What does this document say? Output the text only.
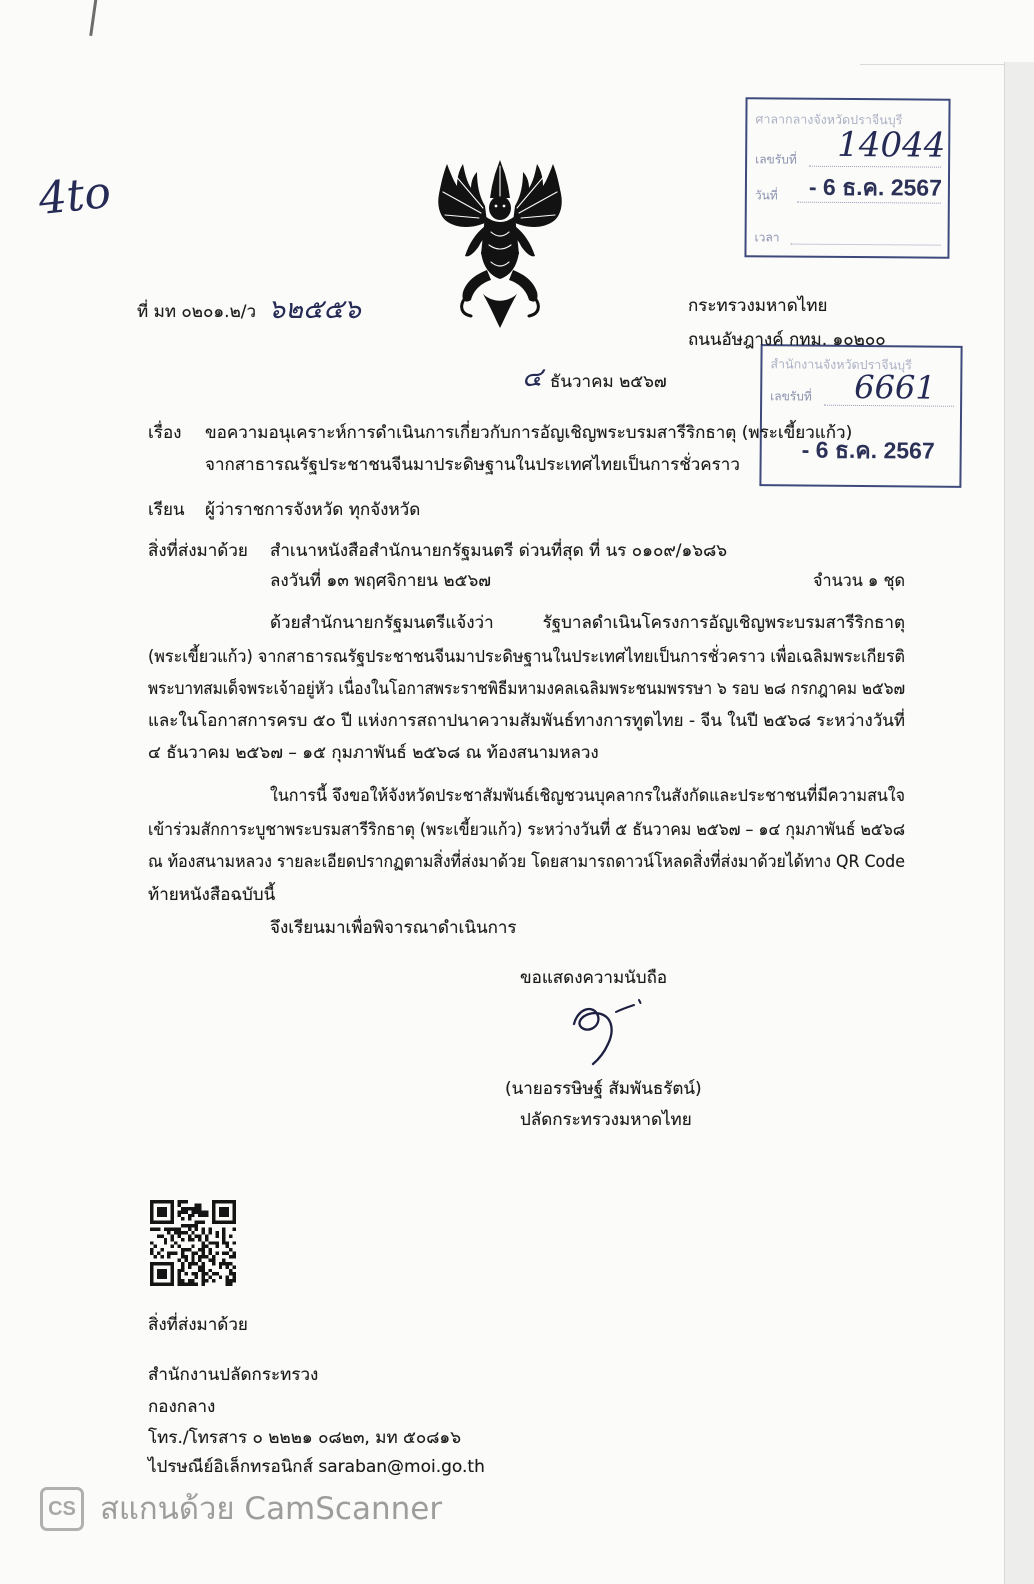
4to
ศาลากลางจังหวัดปราจีนบุรี
เลขรับที่ 14044
วันที่ - 6 ธ.ค. 2567
เวลา
สำนักงานจังหวัดปราจีนบุรี
เลขรับที่ 6661
- 6 ธ.ค. 2567
ที่ มท ๐๒๐๑.๒/ว ๖๒๕๕๖	กระทรวงมหาดไทย
ถนนอัษฎางค์ กทม. ๑๐๒๐๐
๔ ธันวาคม ๒๕๖๗
เรื่อง	ขอความอนุเคราะห์การดำเนินการเกี่ยวกับการอัญเชิญพระบรมสารีริกธาตุ (พระเขี้ยวแก้ว)
จากสาธารณรัฐประชาชนจีนมาประดิษฐานในประเทศไทยเป็นการชั่วคราว
เรียน	ผู้ว่าราชการจังหวัด ทุกจังหวัด
สิ่งที่ส่งมาด้วย	สำเนาหนังสือสำนักนายกรัฐมนตรี ด่วนที่สุด ที่ นร ๐๑๐๙/๑๖๘๖
ลงวันที่ ๑๓ พฤศจิกายน ๒๕๖๗	จำนวน ๑ ชุด
ด้วยสำนักนายกรัฐมนตรีแจ้งว่า รัฐบาลดำเนินโครงการอัญเชิญพระบรมสารีริกธาตุ
(พระเขี้ยวแก้ว) จากสาธารณรัฐประชาชนจีนมาประดิษฐานในประเทศไทยเป็นการชั่วคราว เพื่อเฉลิมพระเกียรติ
พระบาทสมเด็จพระเจ้าอยู่หัว เนื่องในโอกาสพระราชพิธีมหามงคลเฉลิมพระชนมพรรษา ๖ รอบ ๒๘ กรกฎาคม ๒๕๖๗
และในโอกาสการครบ ๕๐ ปี แห่งการสถาปนาความสัมพันธ์ทางการทูตไทย - จีน ในปี ๒๕๖๘ ระหว่างวันที่
๔ ธันวาคม ๒๕๖๗ – ๑๕ กุมภาพันธ์ ๒๕๖๘ ณ ท้องสนามหลวง
ในการนี้ จึงขอให้จังหวัดประชาสัมพันธ์เชิญชวนบุคลากรในสังกัดและประชาชนที่มีความสนใจ
เข้าร่วมสักการะบูชาพระบรมสารีริกธาตุ (พระเขี้ยวแก้ว) ระหว่างวันที่ ๕ ธันวาคม ๒๕๖๗ – ๑๔ กุมภาพันธ์ ๒๕๖๘
ณ ท้องสนามหลวง รายละเอียดปรากฏตามสิ่งที่ส่งมาด้วย โดยสามารถดาวน์โหลดสิ่งที่ส่งมาด้วยได้ทาง QR Code
ท้ายหนังสือฉบับนี้
จึงเรียนมาเพื่อพิจารณาดำเนินการ
ขอแสดงความนับถือ
(นายอรรษิษฐ์ สัมพันธรัตน์)
ปลัดกระทรวงมหาดไทย
สิ่งที่ส่งมาด้วย
สำนักงานปลัดกระทรวง
กองกลาง
โทร./โทรสาร ๐ ๒๒๒๑ ๐๘๒๓, มท ๕๐๘๑๖
ไปรษณีย์อิเล็กทรอนิกส์ saraban@moi.go.th
CS สแกนด้วย CamScanner
